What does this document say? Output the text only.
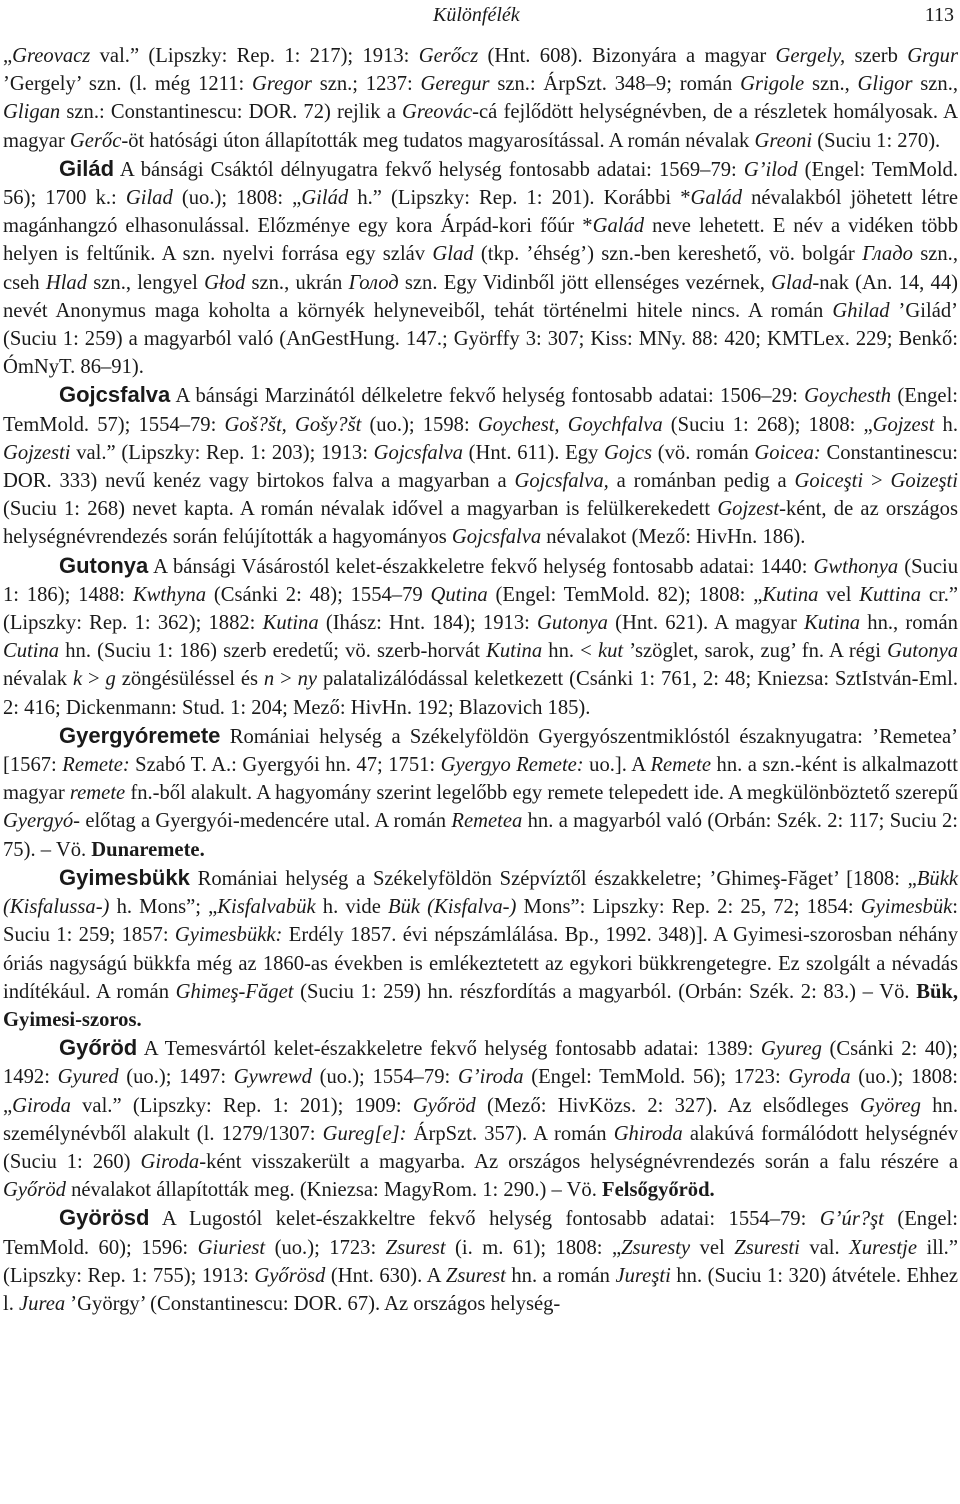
Különfélék	113

„Greovacz val.” (Lipszky: Rep. 1: 217); 1913: Gerőcz (Hnt. 608). Bizonyára a magyar Gergely, szerb Grgur ’Gergely’ szn. (l. még 1211: Gregor szn.; 1237: Geregur szn.: ÁrpSzt. 348–9; román Grigole szn., Gligor szn., Gligan szn.: Constantinescu: DOR. 72) rejlik a Greovác-cá fejlődött helységnévben, de a részletek homályosak. A magyar Gerőc-öt hatósági úton állapították meg tudatos magyarosítással. A román névalak Greoni (Suciu 1: 270).

Gilád A bánsági Csáktól délnyugatra fekvő helység fontosabb adatai: 1569–79: G’ilod (Engel: TemMold. 56); 1700 k.: Gilad (uo.); 1808: „Gilád h.” (Lipszky: Rep. 1: 201). Korábbi *Galád névalakból jöhetett létre magánhangzó elhasonulással. Előzménye egy kora Árpád-kori főúr *Galád neve lehetett. E név a vidéken több helyen is feltűnik. A szn. nyelvi forrása egy szláv Glad (tkp. ’éhség’) szn.-ben kereshető, vö. bolgár Гладо szn., cseh Hlad szn., lengyel Głod szn., ukrán Голод szn. Egy Vidinből jött ellenséges vezérnek, Glad-nak (An. 14, 44) nevét Anonymus maga koholta a környék helyneveiből, tehát történelmi hitele nincs. A román Ghilad ’Gilád’ (Suciu 1: 259) a magyarból való (AnGestHung. 147.; Györffy 3: 307; Kiss: MNy. 88: 420; KMTLex. 229; Benkő: ÓmNyT. 86–91).

Gojcsfalva A bánsági Marzinától délkeletre fekvő helység fontosabb adatai: 1506–29: Goychesth (Engel: TemMold. 57); 1554–79: Goš?št, Gošy?št (uo.); 1598: Goychest, Goychfalva (Suciu 1: 268); 1808: „Gojzest h. Gojzesti val.” (Lipszky: Rep. 1: 203); 1913: Gojcsfalva (Hnt. 611). Egy Gojcs (vö. román Goicea: Constantinescu: DOR. 333) nevű kenéz vagy birtokos falva a magyarban a Gojcsfalva, a románban pedig a Goiceşti > Goizeşti (Suciu 1: 268) nevet kapta. A román névalak idővel a magyarban is felülkerekedett Gojzest-ként, de az országos helységnévrendezés során felújították a hagyományos Gojcsfalva névalakot (Mező: HivHn. 186).

Gutonya A bánsági Vásárostól kelet-északkeletre fekvő helység fontosabb adatai: 1440: Gwthonya (Suciu 1: 186); 1488: Kwthyna (Csánki 2: 48); 1554–79 Qutina (Engel: TemMold. 82); 1808: „Kutina vel Kuttina cr.” (Lipszky: Rep. 1: 362); 1882: Kutina (Ihász: Hnt. 184); 1913: Gutonya (Hnt. 621). A magyar Kutina hn., román Cutina hn. (Suciu 1: 186) szerb eredetű; vö. szerb-horvát Kutina hn. < kut ’szöglet, sarok, zug’ fn. A régi Gutonya névalak k > g zöngésüléssel és n > ny palatalizálódással keletkezett (Csánki 1: 761, 2: 48; Kniezsa: SztIstván-Eml. 2: 416; Dickenmann: Stud. 1: 204; Mező: HivHn. 192; Blazovich 185).

Gyergyóremete Romániai helység a Székelyföldön Gyergyószentmiklóstól északnyugatra: ’Remetea’ [1567: Remete: Szabó T. A.: Gyergyói hn. 47; 1751: Gyergyo Remete: uo.]. A Remete hn. a szn.-ként is alkalmazott magyar remete fn.-ből alakult. A hagyomány szerint legelőbb egy remete telepedett ide. A megkülönböztető szerepű Gyergyó- előtag a Gyergyói-medencére utal. A román Remetea hn. a magyarból való (Orbán: Szék. 2: 117; Suciu 2: 75). – Vö. Dunaremete.

Gyimesbükk Romániai helység a Székelyföldön Szépvíztől északkeletre; ’Ghimeş-Făget’ [1808: „Bükk (Kisfalussa-) h. Mons”; „Kisfalvabük h. vide Bük (Kisfalva-) Mons”: Lipszky: Rep. 2: 25, 72; 1854: Gyimesbük: Suciu 1: 259; 1857: Gyimesbükk: Erdély 1857. évi népszámlálása. Bp., 1992. 348)]. A Gyimesi-szorosban néhány óriás nagyságú bükkfa még az 1860-as években is emlékeztetett az egykori bükkrengetegre. Ez szolgált a névadás indítékául. A román Ghimeş-Făget (Suciu 1: 259) hn. részfordítás a magyarból. (Orbán: Szék. 2: 83.) – Vö. Bük, Gyimesi-szoros.

Győröd A Temesvártól kelet-északkeletre fekvő helység fontosabb adatai: 1389: Gyureg (Csánki 2: 40); 1492: Gyured (uo.); 1497: Gywrewd (uo.); 1554–79: G’iroda (Engel: TemMold. 56); 1723: Gyroda (uo.); 1808: „Giroda val.” (Lipszky: Rep. 1: 201); 1909: Győröd (Mező: HivKözs. 2: 327). Az elsődleges Györeg hn. személynévből alakult (l. 1279/1307: Gureg[e]: ÁrpSzt. 357). A román Ghiroda alakúvá formálódott helységnév (Suciu 1: 260) Giroda-ként visszakerült a magyarba. Az országos helységnévrendezés során a falu részére a Győröd névalakot állapították meg. (Kniezsa: MagyRom. 1: 290.) – Vö. Felsőgyőröd.

Györösd A Lugostól kelet-északkeltre fekvő helység fontosabb adatai: 1554–79: G’úr?şt (Engel: TemMold. 60); 1596: Giuriest (uo.); 1723: Zsurest (i. m. 61); 1808: „Zsuresty vel Zsuresti val. Xurestje ill.” (Lipszky: Rep. 1: 755); 1913: Győrösd (Hnt. 630). A Zsurest hn. a román Jureşti hn. (Suciu 1: 320) átvétele. Ehhez l. Jurea ’György’ (Constantinescu: DOR. 67). Az országos helység-
